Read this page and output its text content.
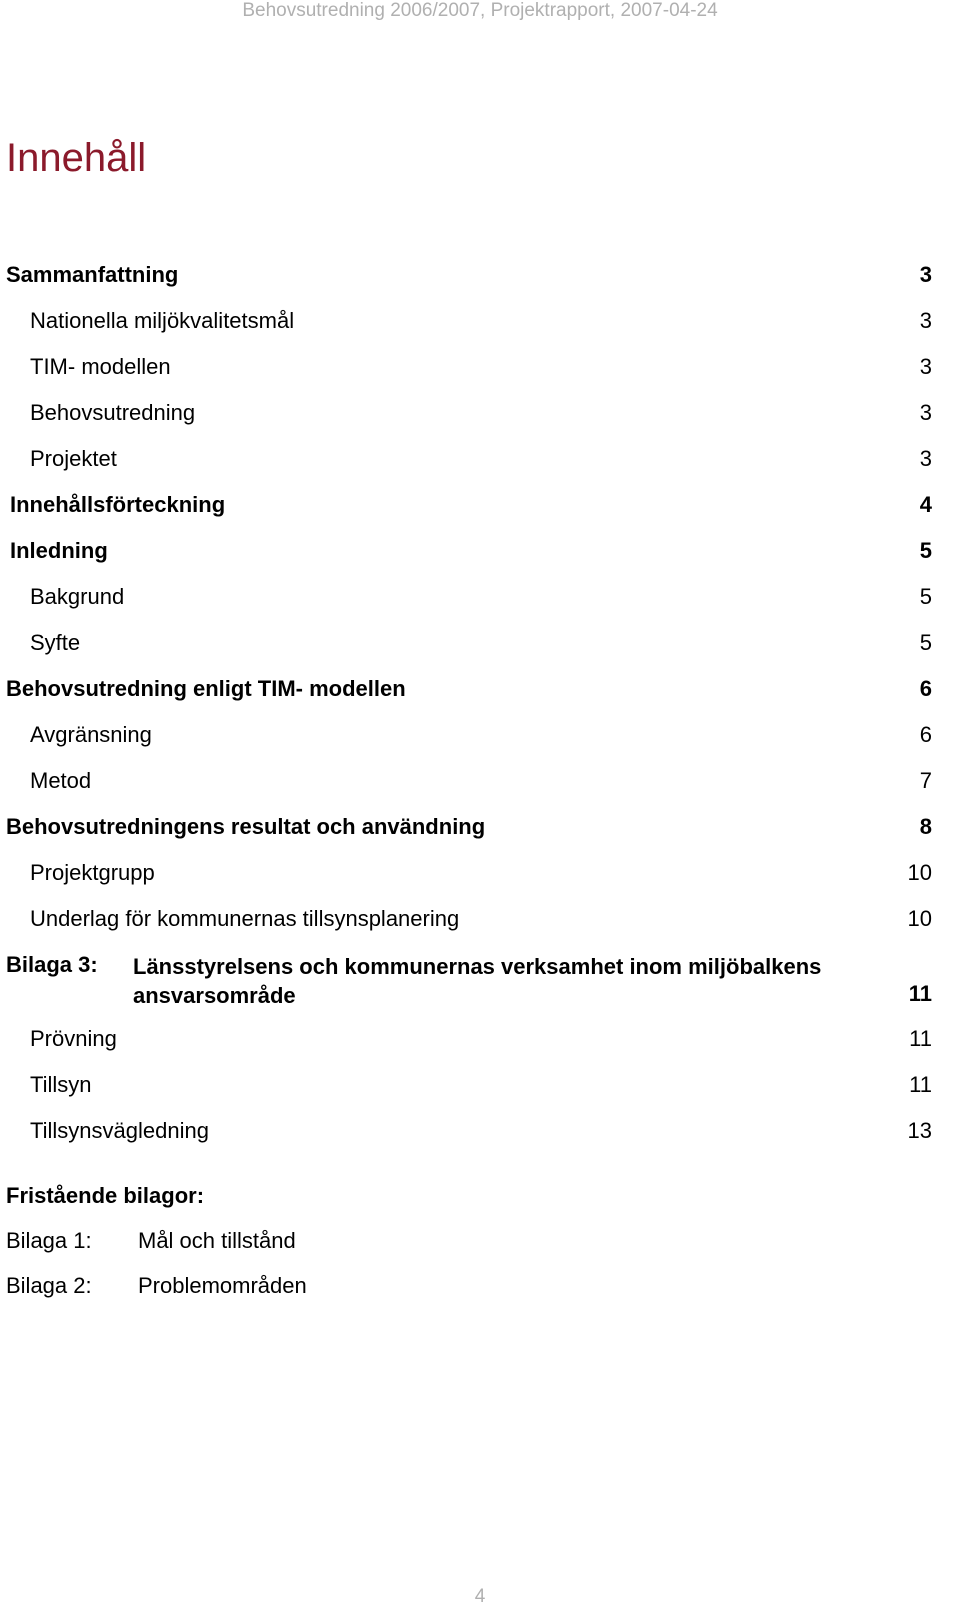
Behovsutredning 2006/2007, Projektrapport, 2007-04-24
Innehåll
Sammanfattning	3
Nationella miljökvalitetsmål	3
TIM- modellen	3
Behovsutredning	3
Projektet	3
Innehållsförteckning	4
Inledning	5
Bakgrund	5
Syfte	5
Behovsutredning enligt TIM- modellen	6
Avgränsning	6
Metod	7
Behovsutredningens resultat och användning	8
Projektgrupp	10
Underlag för kommunernas tillsynsplanering	10
Bilaga 3: Länsstyrelsens och kommunernas verksamhet inom miljöbalkens ansvarsområde	11
Prövning	11
Tillsyn	11
Tillsynsvägledning	13
Fristående bilagor:
Bilaga 1: Mål och tillstånd
Bilaga 2: Problemområden
4
